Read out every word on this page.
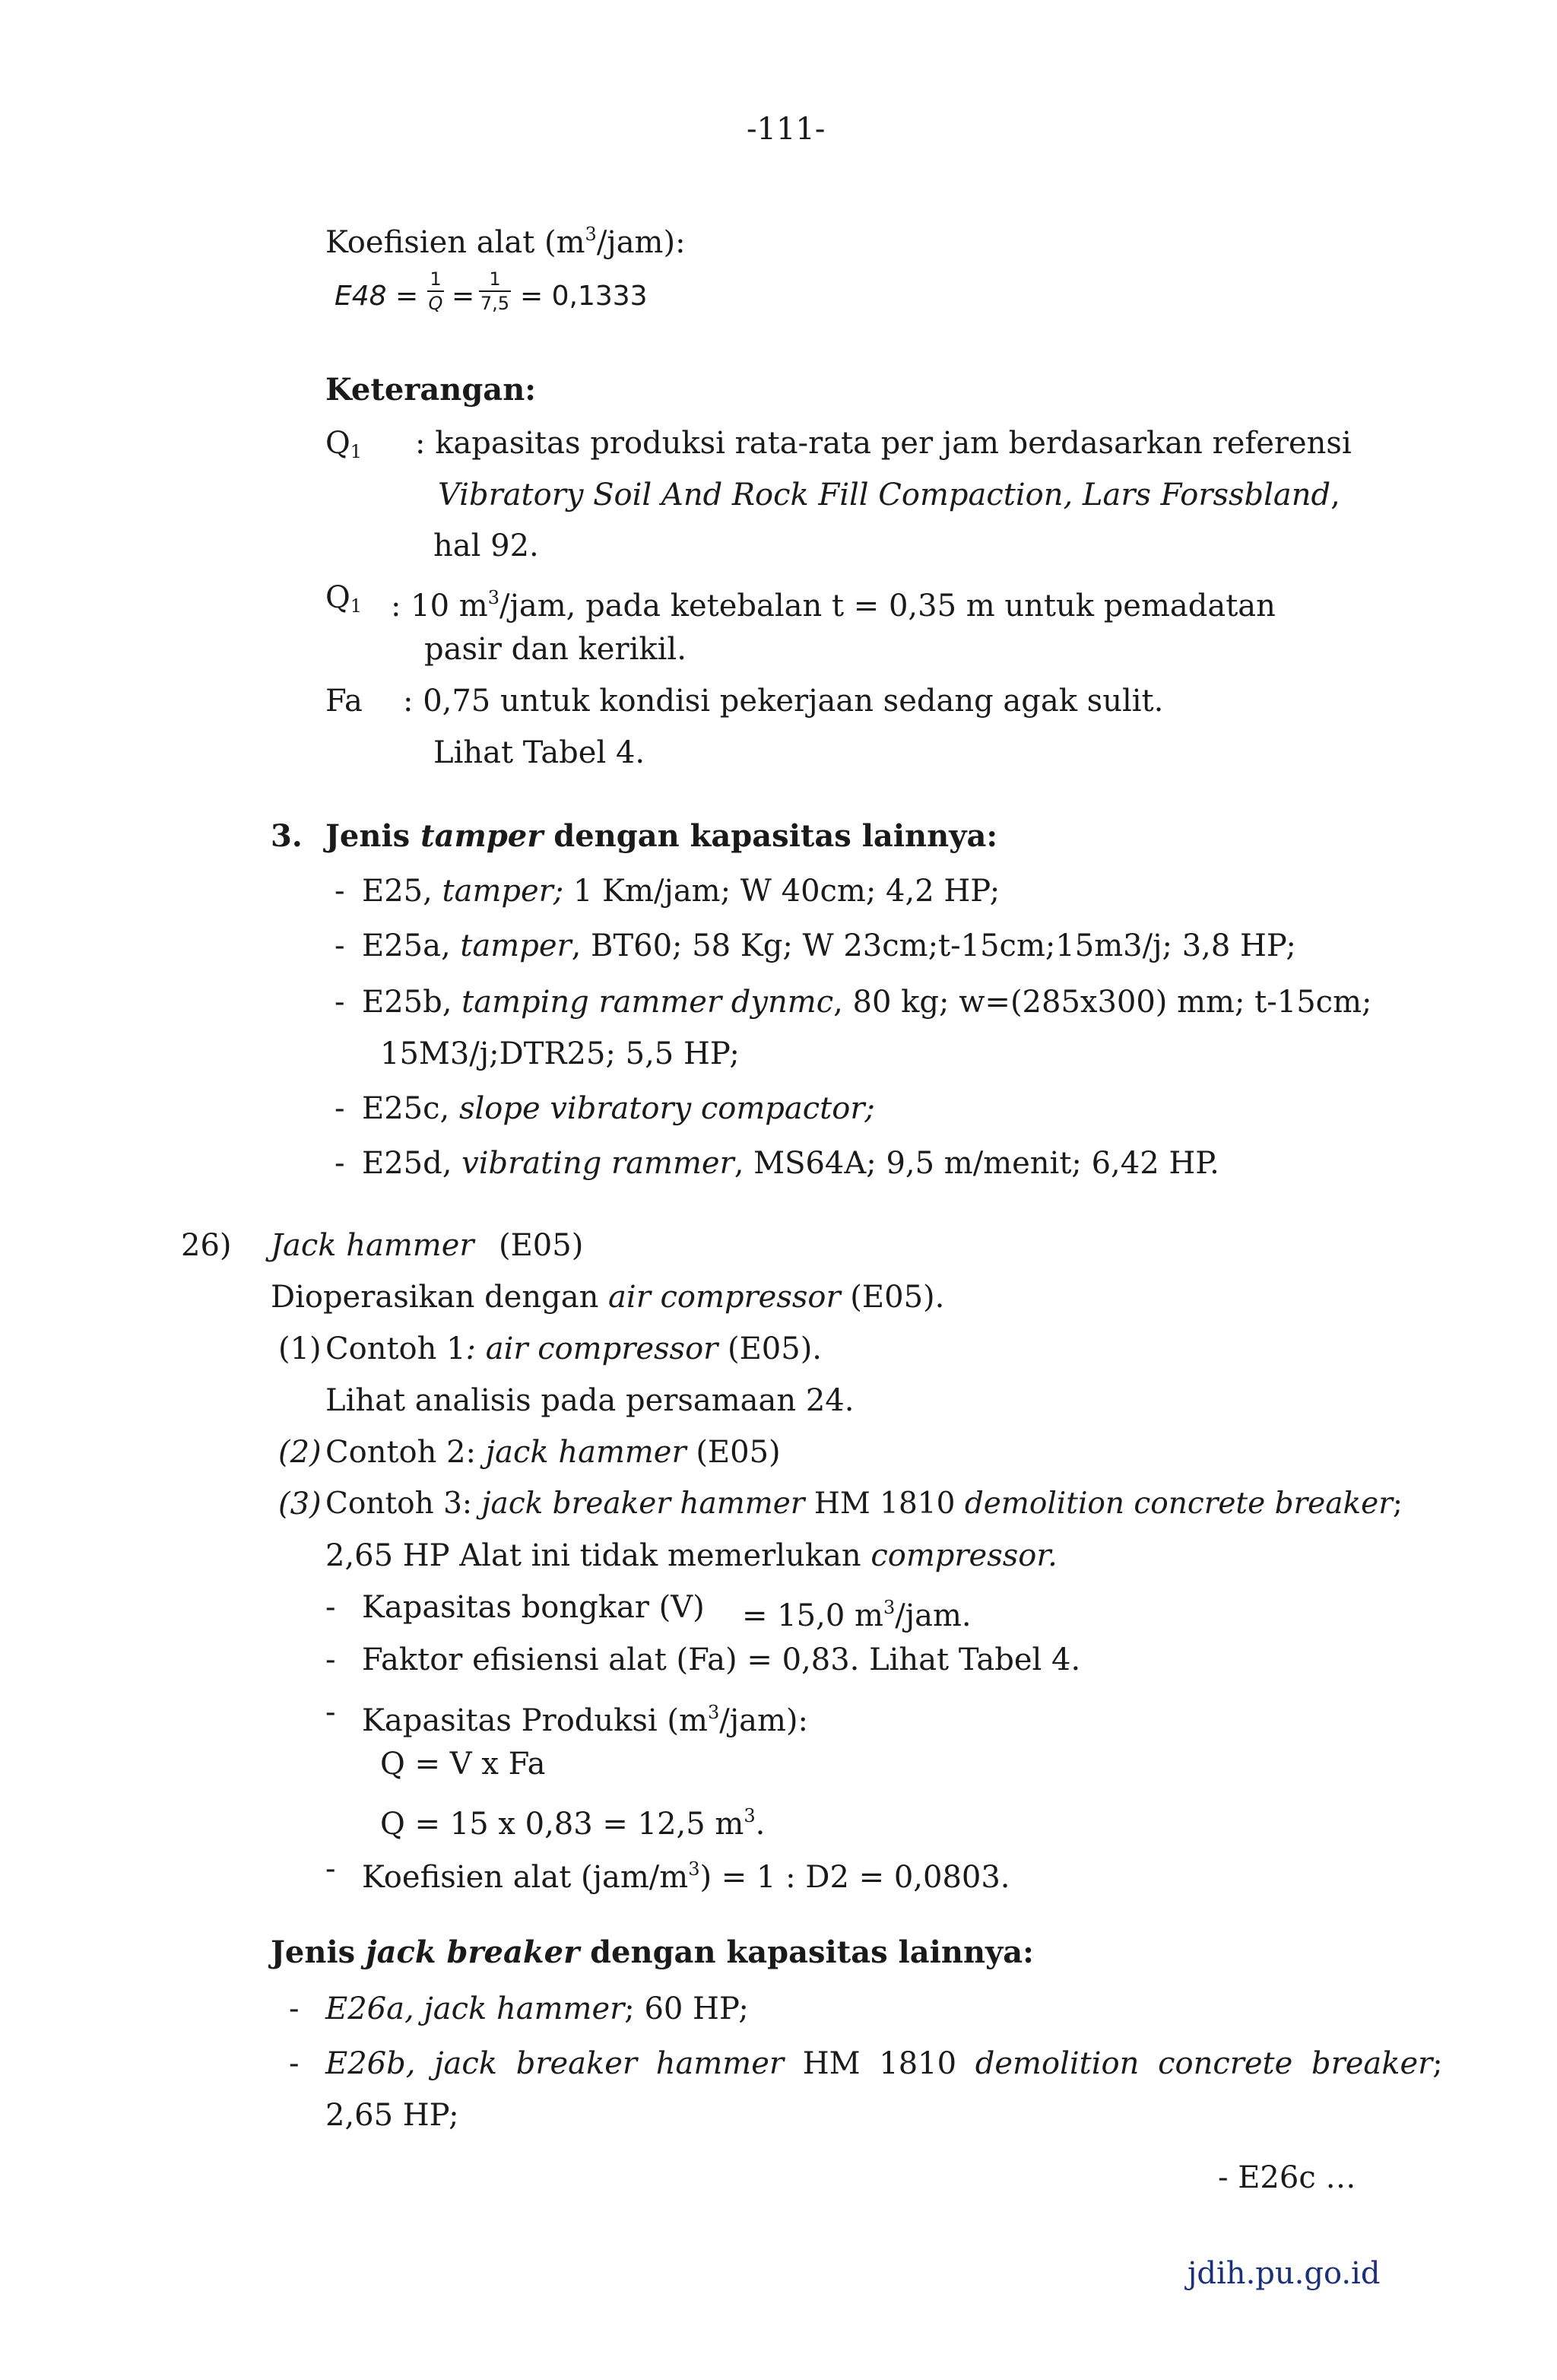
-111-
Koefisien alat $(m^3/jam)$:
E48 =
1
Q =
1
7,5 = 0,1333
Keterangan:
$Q_1$ : kapasitas produksi rata-rata per jam berdasarkan referensi
Vibratory Soil And Rock Fill Compaction, Lars Forssbland,
hal 92.
$Q_1$ : 10 $m^3$/jam, pada ketebalan t = 0,35 m untuk pemadatan
pasir dan kerikil.
Fa : 0,75 untuk kondisi pekerjaan sedang agak sulit.
Lihat Tabel 4.
3. Jenis tamper dengan kapasitas lainnya:
- E25, tamper; 1 Km/jam; W 40cm; 4,2 HP;
- E25a, tamper, BT60; 58 Kg; W 23cm;t-15cm;15m3/j; 3,8 HP;
- E25b, tamping rammer dynmc, 80 kg; w=(285x300) mm; t-15cm;
15M3/j;DTR25; 5,5 HP;
- E25c, slope vibratory compactor;
- E25d, vibrating rammer, MS64A; 9,5 m/menit; 6,42 HP.
26) Jack hammer (E05)
Dioperasikan dengan air compressor (E05).
(1) Contoh 1: air compressor (E05).
Lihat analisis pada persamaan 24.
(2) Contoh 2: jack hammer (E05)
(3) Contoh 3: jack breaker hammer HM 1810 demolition concrete breaker;
2,65 HP Alat ini tidak memerlukan compressor.
- Kapasitas bongkar (V) = 15,0 $m^3$/jam.
- Faktor efisiensi alat (Fa) = 0,83. Lihat Tabel 4.
- Kapasitas Produksi $(m^3/jam)$:
Q = V x Fa
Q = 15 x 0,83 = 12,5 $m^3$.
- Koefisien alat $(jam/m^3) = 1$ : D2 = 0,0803.
Jenis jack breaker dengan kapasitas lainnya:
- E26a, jack hammer; 60 HP;
- E26b, jack breaker hammer HM 1810 demolition concrete breaker;
2,65 HP;
- E26c …
jdih.pu.go.id
